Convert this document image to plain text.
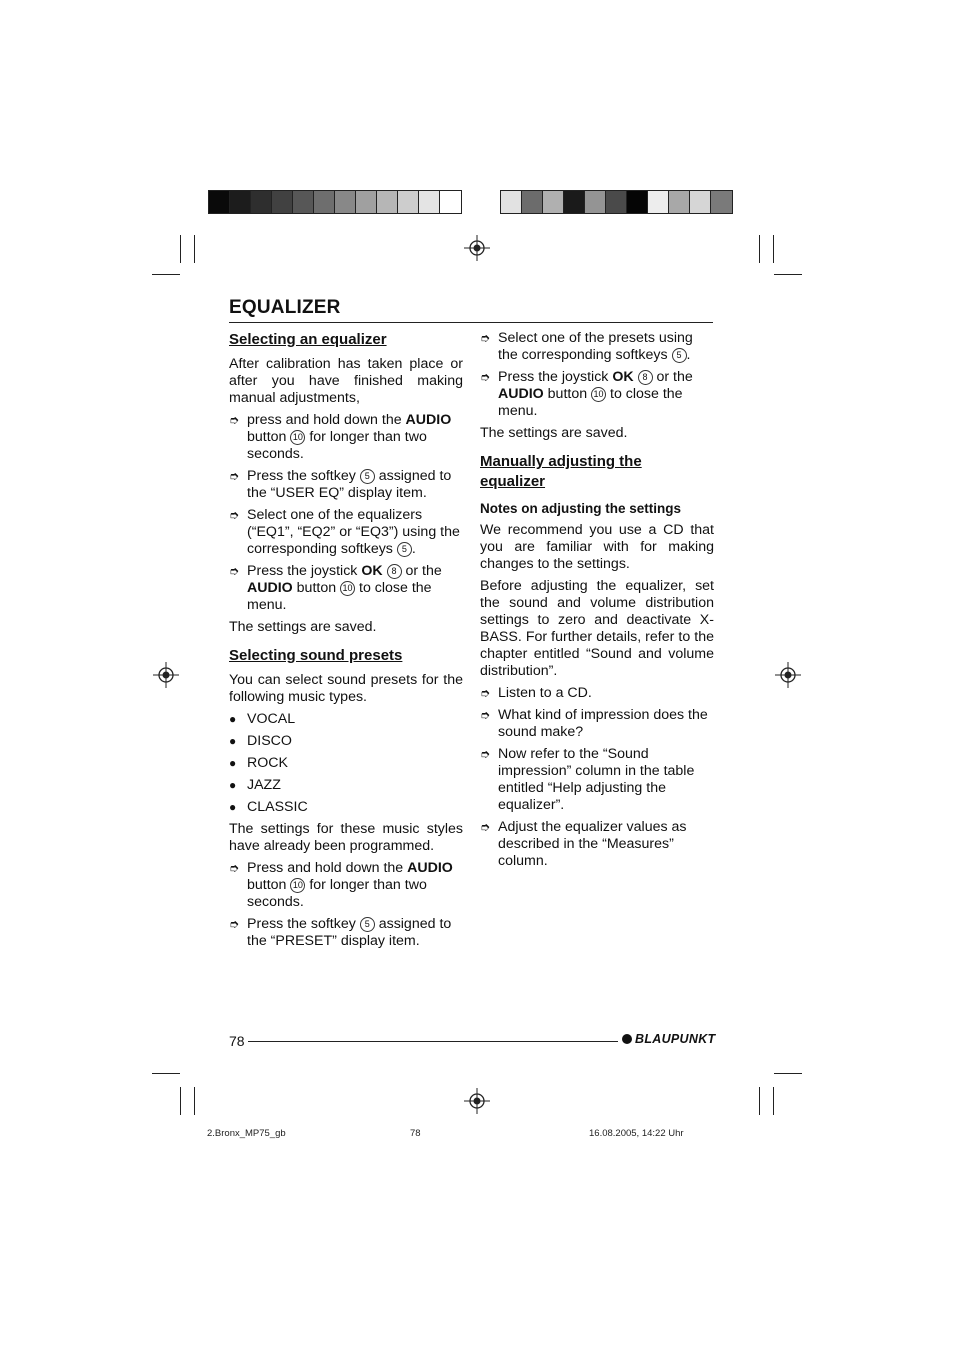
EQUALIZER
Selecting an equalizer

After calibration has taken place or after you have finished making manual adjustments,

➮ press and hold down the AUDIO
button 10 for longer than two seconds.
➮ Press the softkey 5 assigned to the “USER EQ” display item.
➮ Select one of the equalizers (“EQ1”, “EQ2” or “EQ3”) using the corresponding softkeys 5 .
➮ Press the joystick OK 8 or the
AUDIO button 10 to close the menu.

The settings are saved.

Selecting sound presets

You can select sound presets for the following music types.

● VOCAL
● DISCO
● ROCK
● JAZZ
● CLASSIC

The settings for these music styles have already been programmed.

➮ Press and hold down the AUDIO
button 10 for longer than two seconds.
➮ Press the softkey 5 assigned to the “PRESET” display item.
➮ Select one of the presets using the corresponding softkeys 5 .
➮ Press the joystick OK 8 or the
AUDIO button 10 to close the menu.

The settings are saved.

Manually adjusting the equalizer
Notes on adjusting the settings

We recommend you use a CD that you are familiar with for making changes to the settings.

Before adjusting the equalizer, set the sound and volume distribution settings to zero and deactivate X-BASS. For further details, refer to the chapter entitled “Sound and volume distribution”.

➮ Listen to a CD.
➮ What kind of impression does the sound make?
➮ Now refer to the “Sound impression” column in the table entitled “Help adjusting the equalizer”.
➮ Adjust the equalizer values as described in the “Measures” column.
78	BLAUPUNKT
2.Bronx_MP75_gb	78	16.08.2005, 14:22 Uhr
